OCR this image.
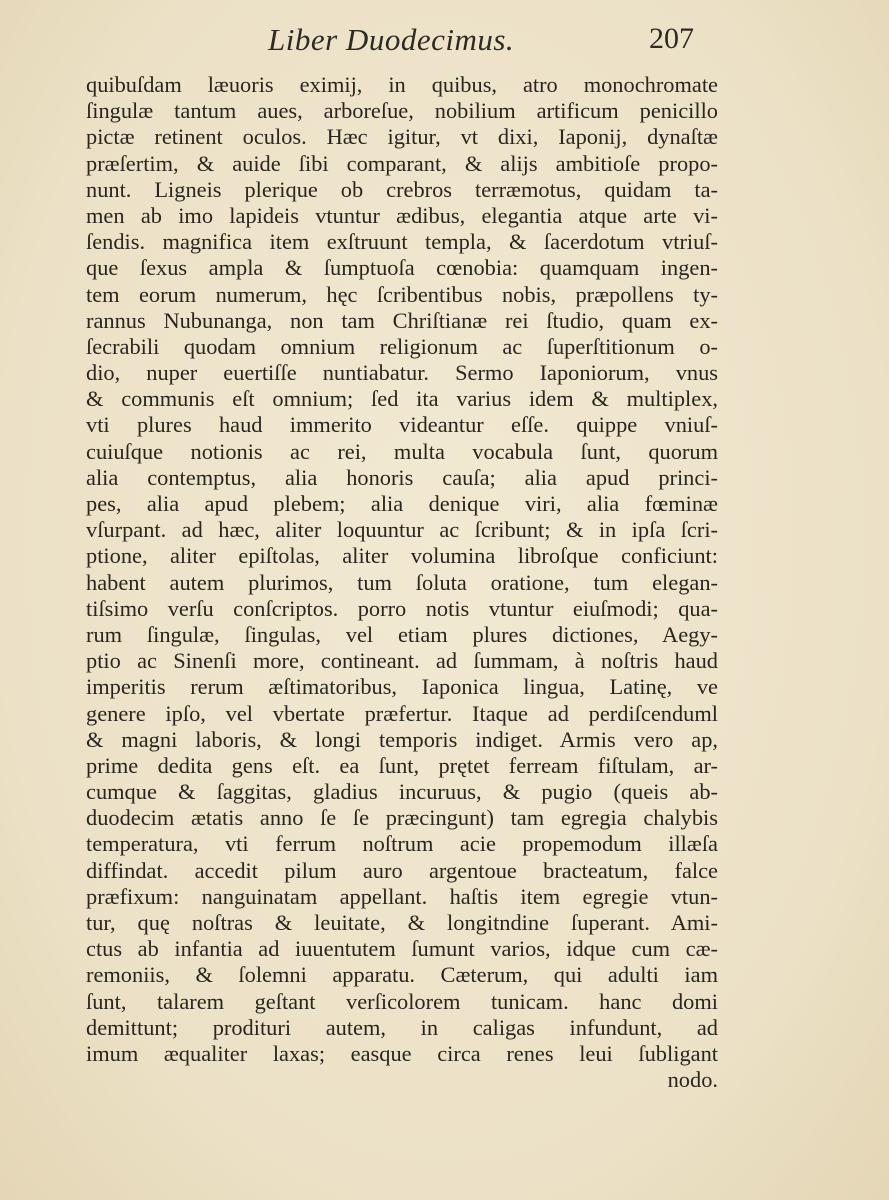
Liber Duodecimus.	207
quibuſdam læuoris eximij, in quibus, atro monochromate
ſingulæ tantum aues, arboreſue, nobilium artificum penicillo
pictæ retinent oculos. Hæc igitur, vt dixi, Iaponij, dynaſtæ
præſertim, & auide ſibi comparant, & alijs ambitioſe propo-
nunt. Ligneis plerique ob crebros terræmotus, quidam ta-
men ab imo lapideis vtuntur ædibus, elegantia atque arte vi-
ſendis. magnifica item exſtruunt templa, & ſacerdotum vtriuſ-
que ſexus ampla & ſumptuoſa cœnobia: quamquam ingen-
tem eorum numerum, hęc ſcribentibus nobis, præpollens ty-
rannus Nubunanga, non tam Chriſtianæ rei ſtudio, quam ex-
ſecrabili quodam omnium religionum ac ſuperſtitionum o-
dio, nuper euertiſſe nuntiabatur. Sermo Iaponiorum, vnus
& communis eſt omnium; ſed ita varius idem & multiplex,
vti plures haud immerito videantur eſſe. quippe vniuſ-
cuiuſque notionis ac rei, multa vocabula ſunt, quorum
alia contemptus, alia honoris cauſa; alia apud princi-
pes, alia apud plebem; alia denique viri, alia fœminæ
vſurpant. ad hæc, aliter loquuntur ac ſcribunt; & in ipſa ſcri-
ptione, aliter epiſtolas, aliter volumina libroſque conficiunt:
habent autem plurimos, tum ſoluta oratione, tum elegan-
tiſsimo verſu conſcriptos. porro notis vtuntur eiuſmodi; qua-
rum ſingulæ, ſingulas, vel etiam plures dictiones, Aegy-
ptio ac Sinenſi more, contineant. ad ſummam, à noſtris haud
imperitis rerum æſtimatoribus, Iaponica lingua, Latinę, ve
genere ipſo, vel vbertate præfertur. Itaque ad perdiſcenduml
& magni laboris, & longi temporis indiget. Armis vero ap,
prime dedita gens eſt. ea ſunt, prętet ferream fiſtulam, ar-
cumque & ſaggitas, gladius incuruus, & pugio (queis ab-
duodecim ætatis anno ſe ſe præcingunt) tam egregia chalybis
temperatura, vti ferrum noſtrum acie propemodum illæſa
diffindat. accedit pilum auro argentoue bracteatum, falce
præfixum: nanguinatam appellant. haſtis item egregie vtun-
tur, quę noſtras & leuitate, & longitndine ſuperant. Ami-
ctus ab infantia ad iuuentutem ſumunt varios, idque cum cæ-
remoniis, & ſolemni apparatu. Cæterum, qui adulti iam
ſunt, talarem geſtant verſicolorem tunicam. hanc domi
demittunt; prodituri autem, in caligas infundunt, ad
imum æqualiter laxas; easque circa renes leui ſubligant
nodo.
